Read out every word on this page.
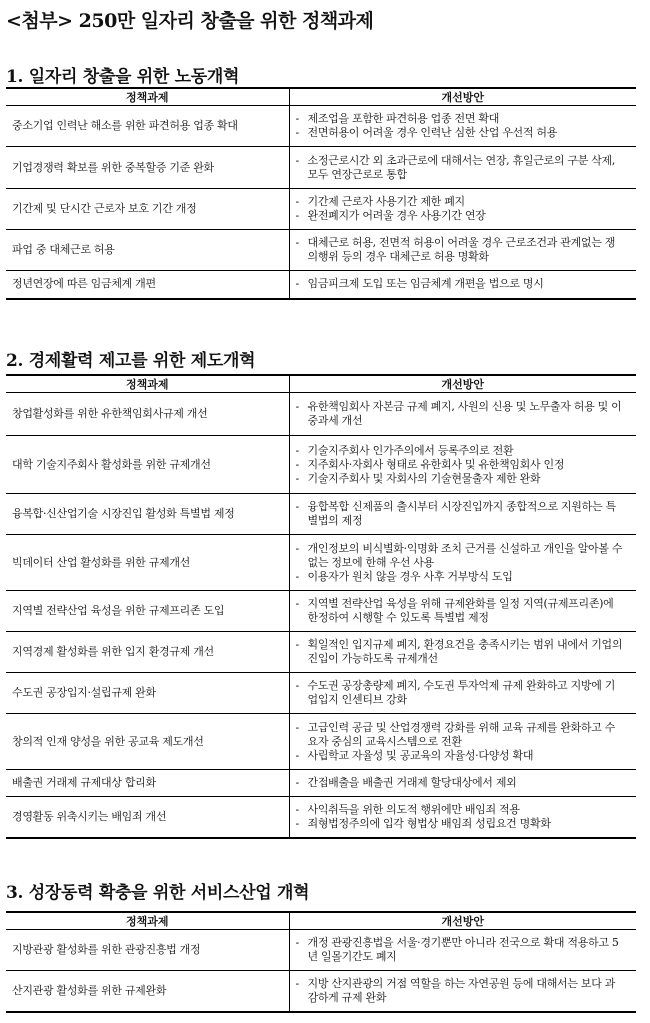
<첨부> 250만 일자리 창출을 위한 정책과제
1. 일자리 창출을 위한 노동개혁
정책과제	개선방안
중소기업 인력난 해소를 위한 파견허용 업종 확대	- 제조업을 포함한 파견허용 업종 전면 확대
- 전면허용이 어려울 경우 인력난 심한 산업 우선적 허용

기업경쟁력 확보를 위한 중복할증 기준 완화	- 소정근로시간 외 초과근로에 대해서는 연장, 휴일근로의 구분 삭제, 모두 연장근로로 통합

기간제 및 단시간 근로자 보호 기간 개정	- 기간제 근로자 사용기간 제한 폐지
- 완전폐지가 어려울 경우 사용기간 연장

파업 중 대체근로 허용	- 대체근로 허용, 전면적 허용이 어려울 경우 근로조건과 관계없는 쟁의행위 등의 경우 대체근로 허용 명확화

정년연장에 따른 임금체계 개편	- 임금피크제 도입 또는 임금체계 개편을 법으로 명시
2. 경제활력 제고를 위한 제도개혁
정책과제	개선방안
창업활성화를 위한 유한책임회사규제 개선	- 유한책임회사 자본금 규제 폐지, 사원의 신용 및 노무출자 허용 및 이중과세 개선

대학 기술지주회사 활성화를 위한 규제개선	- 기술지주회사 인가주의에서 등록주의로 전환
- 지주회사·자회사 형태로 유한회사 및 유한책임회사 인정
- 기술지주회사 및 자회사의 기술현물출자 제한 완화

융복합·신산업기술 시장진입 활성화 특별법 제정	- 융합복합 신제품의 출시부터 시장진입까지 종합적으로 지원하는 특별법의 제정

빅데이터 산업 활성화를 위한 규제개선	- 개인정보의 비식별화·익명화 조치 근거를 신설하고 개인을 알아볼 수 없는 정보에 한해 우선 사용
- 이용자가 원치 않을 경우 사후 거부방식 도입

지역별 전략산업 육성을 위한 규제프리존 도입	- 지역별 전략산업 육성을 위해 규제완화를 일정 지역(규제프리존)에 한정하여 시행할 수 있도록 특별법 제정

지역경제 활성화를 위한 입지 환경규제 개선	- 획일적인 입지규제 폐지, 환경요건을 충족시키는 범위 내에서 기업의 진입이 가능하도록 규제개선

수도권 공장입지·설립규제 완화	- 수도권 공장총량제 폐지, 수도권 투자억제 규제 완화하고 지방에 기업입지 인센티브 강화

창의적 인재 양성을 위한 공교육 제도개선	- 고급인력 공급 및 산업경쟁력 강화를 위해 교육 규제를 완화하고 수요자 중심의 교육시스템으로 전환
- 사립학교 자율성 및 공교육의 자율성·다양성 확대

배출권 거래제 규제대상 합리화	- 간접배출을 배출권 거래제 할당대상에서 제외

경영활동 위축시키는 배임죄 개선	- 사익취득을 위한 의도적 행위에만 배임죄 적용
- 죄형법정주의에 입각 형법상 배임죄 성립요건 명확화
3. 성장동력 확충을 위한 서비스산업 개혁
정책과제	개선방안
지방관광 활성화를 위한 관광진흥법 개정	- 개정 관광진흥법을 서울·경기뿐만 아니라 전국으로 확대 적용하고 5년 일몰기간도 폐지

산지관광 활성화를 위한 규제완화	- 지방 산지관광의 거점 역할을 하는 자연공원 등에 대해서는 보다 과감하게 규제 완화
